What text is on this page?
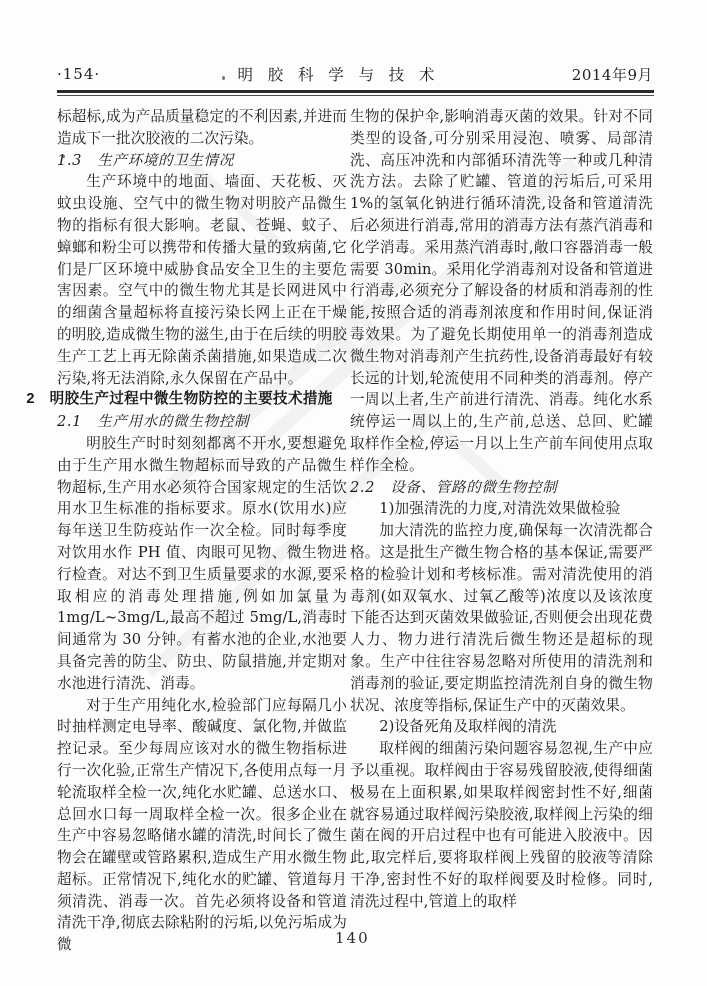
·154·	明胶科学与技术	2014年9月

标超标,成为产品质量稳定的不利因素,并进而造成下一批次胶液的二次污染。

1.3　生产环境的卫生情况

生产环境中的地面、墙面、天花板、灭蚊虫设施、空气中的微生物对明胶产品微生物的指标有很大影响。老鼠、苍蝇、蚊子、蟑螂和粉尘可以携带和传播大量的致病菌,它们是厂区环境中威胁食品安全卫生的主要危害因素。空气中的微生物尤其是长网进风中的细菌含量超标将直接污染长网上正在干燥的明胶,造成微生物的滋生,由于在后续的明胶生产工艺上再无除菌杀菌措施,如果造成二次污染,将无法消除,永久保留在产品中。

2　明胶生产过程中微生物防控的主要技术措施
2.1　生产用水的微生物控制

明胶生产时时刻刻都离不开水,要想避免由于生产用水微生物超标而导致的产品微生物超标,生产用水必须符合国家规定的生活饮用水卫生标准的指标要求。原水(饮用水)应每年送卫生防疫站作一次全检。同时每季度对饮用水作 PH 值、肉眼可见物、微生物进行检查。对达不到卫生质量要求的水源,要采取相应的消毒处理措施,例如加氯量为 1mg/L~3mg/L,最高不超过 5mg/L,消毒时间通常为 30 分钟。有蓄水池的企业,水池要具备完善的防尘、防虫、防鼠措施,并定期对水池进行清洗、消毒。

对于生产用纯化水,检验部门应每隔几小时抽样测定电导率、酸碱度、氯化物,并做监控记录。至少每周应该对水的微生物指标进行一次化验,正常生产情况下,各使用点每一月轮流取样全检一次,纯化水贮罐、总送水口、总回水口每一周取样全检一次。很多企业在生产中容易忽略储水罐的清洗,时间长了微生物会在罐壁或管路累积,造成生产用水微生物超标。正常情况下,纯化水的贮罐、管道每月须清洗、消毒一次。首先必须将设备和管道清洗干净,彻底去除粘附的污垢,以免污垢成为微

生物的保护伞,影响消毒灭菌的效果。针对不同类型的设备,可分别采用浸泡、喷雾、局部清洗、高压冲洗和内部循环清洗等一种或几种清洗方法。去除了贮罐、管道的污垢后,可采用1%的氢氧化钠进行循环清洗,设备和管道清洗后必须进行消毒,常用的消毒方法有蒸汽消毒和化学消毒。采用蒸汽消毒时,敞口容器消毒一般需要 30min。采用化学消毒剂对设备和管道进行消毒,必须充分了解设备的材质和消毒剂的性能,按照合适的消毒剂浓度和作用时间,保证消毒效果。为了避免长期使用单一的消毒剂造成微生物对消毒剂产生抗药性,设备消毒最好有较长远的计划,轮流使用不同种类的消毒剂。停产一周以上者,生产前进行清洗、消毒。纯化水系统停运一周以上的,生产前,总送、总回、贮罐取样作全检,停运一月以上生产前车间使用点取样作全检。

2.2　设备、管路的微生物控制

1)加强清洗的力度,对清洗效果做检验

加大清洗的监控力度,确保每一次清洗都合格。这是批生产微生物合格的基本保证,需要严格的检验计划和考核标准。需对清洗使用的消毒剂(如双氧水、过氧乙酸等)浓度以及该浓度下能否达到灭菌效果做验证,否则便会出现花费人力、物力进行清洗后微生物还是超标的现象。生产中往往容易忽略对所使用的清洗剂和消毒剂的验证,要定期监控清洗剂自身的微生物状况、浓度等指标,保证生产中的灭菌效果。

2)设备死角及取样阀的清洗

取样阀的细菌污染问题容易忽视,生产中应予以重视。取样阀由于容易残留胶液,使得细菌极易在上面积累,如果取样阀密封性不好,细菌就容易通过取样阀污染胶液,取样阀上污染的细菌在阀的开启过程中也有可能进入胶液中。因此,取完样后,要将取样阀上残留的胶液等清除干净,密封性不好的取样阀要及时检修。同时,清洗过程中,管道上的取样

140
